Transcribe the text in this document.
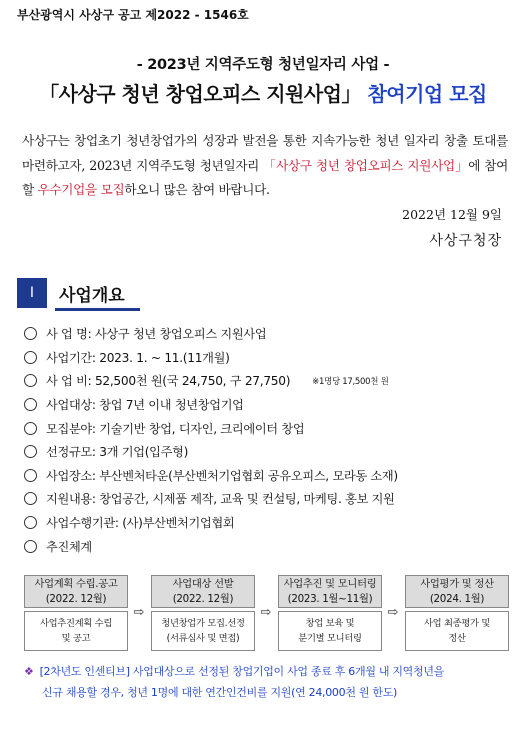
부산광역시 사상구 공고 제2022 - 1546호
- 2023년 지역주도형 청년일자리 사업 -
「사상구 청년 창업오피스 지원사업」 참여기업 모집
사상구는 창업초기 청년창업가의 성장과 발전을 통한 지속가능한 청년 일자리 창출 토대를 마련하고자, 2023년 지역주도형 청년일자리 「사상구 청년 창업오피스 지원사업」에 참여할 우수기업을 모집하오니 많은 참여 바랍니다.
2022년 12월 9일
사상구청장
Ⅰ	사업개요
사 업 명: 사상구 청년 창업오피스 지원사업
사업기간: 2023. 1. ~ 11.(11개월)
사 업 비: 52,500천 원(국 24,750, 구 27,750)	※1명당 17,500천 원
사업대상: 창업 7년 이내 청년창업기업
모집분야: 기술기반 창업, 디자인, 크리에이터 창업
선정규모: 3개 기업(입주형)
사업장소: 부산벤처타운(부산벤처기업협회 공유오피스, 모라동 소재)
지원내용: 창업공간, 시제품 제작, 교육 및 컨설팅, 마케팅. 홍보 지원
사업수행기관: (사)부산벤처기업협회
추진체계
사업계획 수립.공고
(2022. 12월)
사업추진계획 수립
및 공고
⇨
사업대상 선발
(2022. 12월)
청년창업가 모집.선정
(서류심사 및 면접)
⇨
사업추진 및 모니터링
(2023. 1월~11월)
창업 보육 및
분기별 모니터링
⇨
사업평가 및 정산
(2024. 1월)
사업 최종평가 및
정산
❖ [2차년도 인센티브] 사업대상으로 선정된 창업기업이 사업 종료 후 6개월 내 지역청년을
신규 채용할 경우, 청년 1명에 대한 연간인건비를 지원(연 24,000천 원 한도)
